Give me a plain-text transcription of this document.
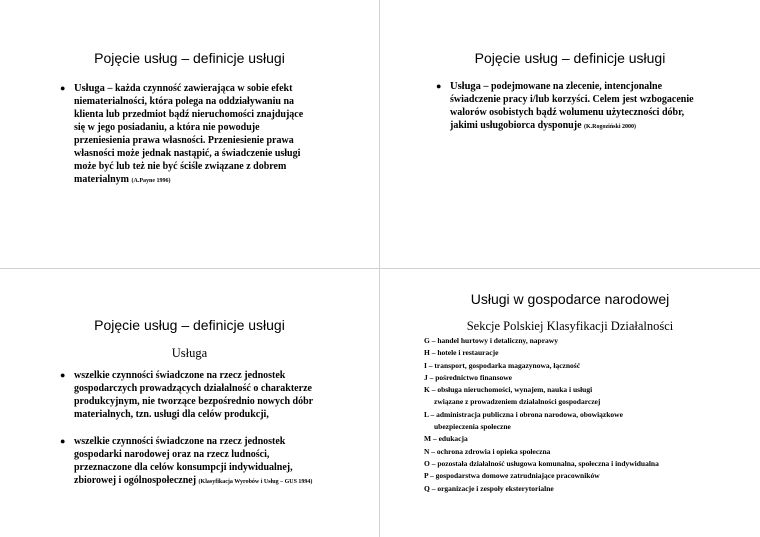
Pojęcie usług – definicje usługi
● Usługa – każda czynność zawierająca w sobie efekt niematerialności, która polega na oddziaływaniu na klienta lub przedmiot bądź nieruchomości znajdujące się w jego posiadaniu, a która nie powoduje przeniesienia prawa własności. Przeniesienie prawa własności może jednak nastąpić, a świadczenie usługi może być lub też nie być ściśle związane z dobrem materialnym (A.Payne 1996)
Pojęcie usług – definicje usługi
● Usługa – podejmowane na zlecenie, intencjonalne świadczenie pracy i/lub korzyści. Celem jest wzbogacenie walorów osobistych bądź wolumenu użyteczności dóbr, jakimi usługobiorca dysponuje (K.Rogoziński 2000)
Pojęcie usług – definicje usługi
Usługa
● wszelkie czynności świadczone na rzecz jednostek gospodarczych prowadzących działalność o charakterze produkcyjnym, nie tworzące bezpośrednio nowych dóbr materialnych, tzn. usługi dla celów produkcji,
● wszelkie czynności świadczone na rzecz jednostek gospodarki narodowej oraz na rzecz ludności, przeznaczone dla celów konsumpcji indywidualnej, zbiorowej i ogólnospołecznej (Klasyfikacja Wyrobów i Usług – GUS 1994)
Usługi w gospodarce narodowej
Sekcje Polskiej Klasyfikacji Działalności
G – handel hurtowy i detaliczny, naprawy
H – hotele i restauracje
I – transport, gospodarka magazynowa, łączność
J – pośrednictwo finansowe
K – obsługa nieruchomości, wynajem, nauka i usługi
związane z prowadzeniem działalności gospodarczej
L – administracja publiczna i obrona narodowa, obowiązkowe
ubezpieczenia społeczne
M – edukacja
N – ochrona zdrowia i opieka społeczna
O – pozostała działalność usługowa komunalna, społeczna i indywidualna
P – gospodarstwa domowe zatrudniające pracowników
Q – organizacje i zespoły eksterytorialne
